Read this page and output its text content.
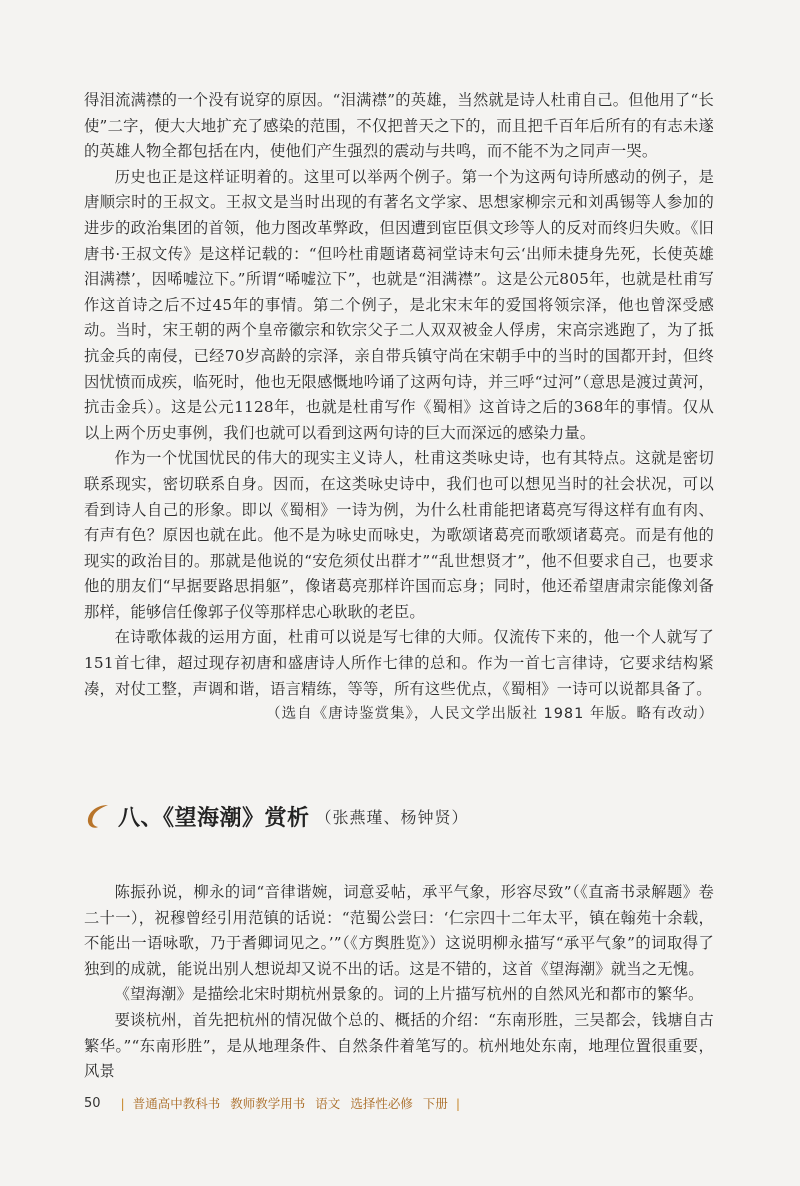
得泪流满襟的一个没有说穿的原因。“泪满襟”的英雄，当然就是诗人杜甫自己。但他用了“长使”二字，便大大地扩充了感染的范围，不仅把普天之下的，而且把千百年后所有的有志未遂的英雄人物全都包括在内，使他们产生强烈的震动与共鸣，而不能不为之同声一哭。

历史也正是这样证明着的。这里可以举两个例子。第一个为这两句诗所感动的例子，是唐顺宗时的王叔文。王叔文是当时出现的有著名文学家、思想家柳宗元和刘禹锡等人参加的进步的政治集团的首领，他力图改革弊政，但因遭到宦臣俱文珍等人的反对而终归失败。《旧唐书·王叔文传》是这样记载的：“但吟杜甫题诸葛祠堂诗末句云‘出师未捷身先死，长使英雄泪满襟’，因唏嘘泣下。”所谓“唏嘘泣下”，也就是“泪满襟”。这是公元805年，也就是杜甫写作这首诗之后不过45年的事情。第二个例子，是北宋末年的爱国将领宗泽，他也曾深受感动。当时，宋王朝的两个皇帝徽宗和钦宗父子二人双双被金人俘虏，宋高宗逃跑了，为了抵抗金兵的南侵，已经70岁高龄的宗泽，亲自带兵镇守尚在宋朝手中的当时的国都开封，但终因忧愤而成疾，临死时，他也无限感慨地吟诵了这两句诗，并三呼“过河”（意思是渡过黄河，抗击金兵）。这是公元1128年，也就是杜甫写作《蜀相》这首诗之后的368年的事情。仅从以上两个历史事例，我们也就可以看到这两句诗的巨大而深远的感染力量。

作为一个忧国忧民的伟大的现实主义诗人，杜甫这类咏史诗，也有其特点。这就是密切联系现实，密切联系自身。因而，在这类咏史诗中，我们也可以想见当时的社会状况，可以看到诗人自己的形象。即以《蜀相》一诗为例，为什么杜甫能把诸葛亮写得这样有血有肉、有声有色？原因也就在此。他不是为咏史而咏史，为歌颂诸葛亮而歌颂诸葛亮。而是有他的现实的政治目的。那就是他说的“安危须仗出群才”“乱世想贤才”，他不但要求自己，也要求他的朋友们“早据要路思捐躯”，像诸葛亮那样许国而忘身；同时，他还希望唐肃宗能像刘备那样，能够信任像郭子仪等那样忠心耿耿的老臣。

在诗歌体裁的运用方面，杜甫可以说是写七律的大师。仅流传下来的，他一个人就写了151首七律，超过现存初唐和盛唐诗人所作七律的总和。作为一首七言律诗，它要求结构紧凑，对仗工整，声调和谐，语言精练，等等，所有这些优点，《蜀相》一诗可以说都具备了。

（选自《唐诗鉴赏集》，人民文学出版社 1981 年版。略有改动）

八、《望海潮》赏析 （张燕瑾、杨钟贤）

陈振孙说，柳永的词“音律谐婉，词意妥帖，承平气象，形容尽致”（《直斋书录解题》卷二十一），祝穆曾经引用范镇的话说：“范蜀公尝曰：‘仁宗四十二年太平，镇在翰苑十余载，不能出一语咏歌，乃于耆卿词见之。’”（《方舆胜览》）这说明柳永描写“承平气象”的词取得了独到的成就，能说出别人想说却又说不出的话。这是不错的，这首《望海潮》就当之无愧。

《望海潮》是描绘北宋时期杭州景象的。词的上片描写杭州的自然风光和都市的繁华。

要谈杭州，首先把杭州的情况做个总的、概括的介绍：“东南形胜，三吴都会，钱塘自古繁华。”“东南形胜”，是从地理条件、自然条件着笔写的。杭州地处东南，地理位置很重要，风景

50 | 普通高中教科书 教师教学用书 语文 选择性必修 下册 |
